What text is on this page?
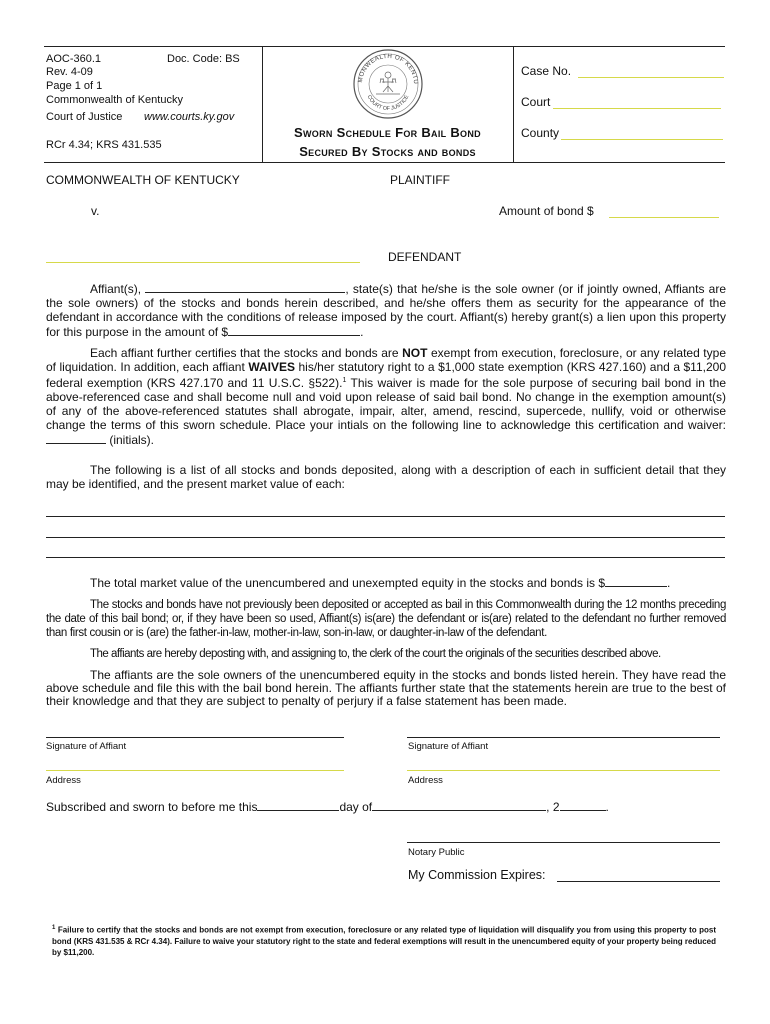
AOC-360.1	Doc. Code: BS
Rev. 4-09
Page 1 of 1
Commonwealth of Kentucky
Court of Justice www.courts.ky.gov
RCr 4.34; KRS 431.535
MONWEALTH OF KENTU
COURT OF JUSTICE
Sworn Schedule For Bail Bond
Secured By Stocks and bonds
Case No.
Court
County
COMMONWEALTH OF KENTUCKY	PLAINTIFF
v.	Amount of bond $
DEFENDANT

Affiant(s),	, state(s) that he/she is the sole owner (or if jointly owned, Affiants are the sole owners) of the stocks and bonds herein described, and he/she offers them as security for the appearance of the defendant in accordance with the conditions of release imposed by the court. Affiant(s) hereby grant(s) a lien upon this property for this purpose in the amount of $	.

Each affiant further certifies that the stocks and bonds are NOT exempt from execution, foreclosure, or any related type of liquidation. In addition, each affiant WAIVES his/her statutory right to a $1,000 state exemption (KRS 427.160) and a $11,200 federal exemption (KRS 427.170 and 11 U.S.C. §522).$^1$ This waiver is made for the sole purpose of securing bail bond in the above-referenced case and shall become null and void upon release of said bail bond. No change in the exemption amount(s) of any of the above-referenced statutes shall abrogate, impair, alter, amend, rescind, supercede, nullify, void or otherwise change the terms of this sworn schedule. Place your intials on the following line to acknowledge this certification and waiver:  (initials).

The following is a list of all stocks and bonds deposited, along with a description of each in sufficient detail that they may be identified, and the present market value of each:

The total market value of the unencumbered and unexempted equity in the stocks and bonds is $	.

The stocks and bonds have not previously been deposited or accepted as bail in this Commonwealth during the 12 months preceding the date of this bail bond; or, if they have been so used, Affiant(s) is(are) the defendant or is(are) related to the defendant no further removed than first cousin or is (are) the father-in-law, mother-in-law, son-in-law, or daughter-in-law of the defendant.

The affiants are hereby deposting with, and assigning to, the clerk of the court the originals of the securities described above.

The affiants are the sole owners of the unencumbered equity in the stocks and bonds listed herein. They have read the above schedule and file this with the bail bond herein. The affiants further state that the statements herein are true to the best of their knowledge and that they are subject to penalty of perjury if a false statement has been made.

Signature of Affiant	Signature of Affiant
Address	Address
Subscribed and sworn to before me this	day of	, 2	.
Notary Public
My Commission Expires:
$^1$ Failure to certify that the stocks and bonds are not exempt from execution, foreclosure or any related type of liquidation will disqualify you from using this property to post bond (KRS 431.535 & RCr 4.34). Failure to waive your statutory right to the state and federal exemptions will result in the unencumbered equity of your property being reduced by $11,200.
